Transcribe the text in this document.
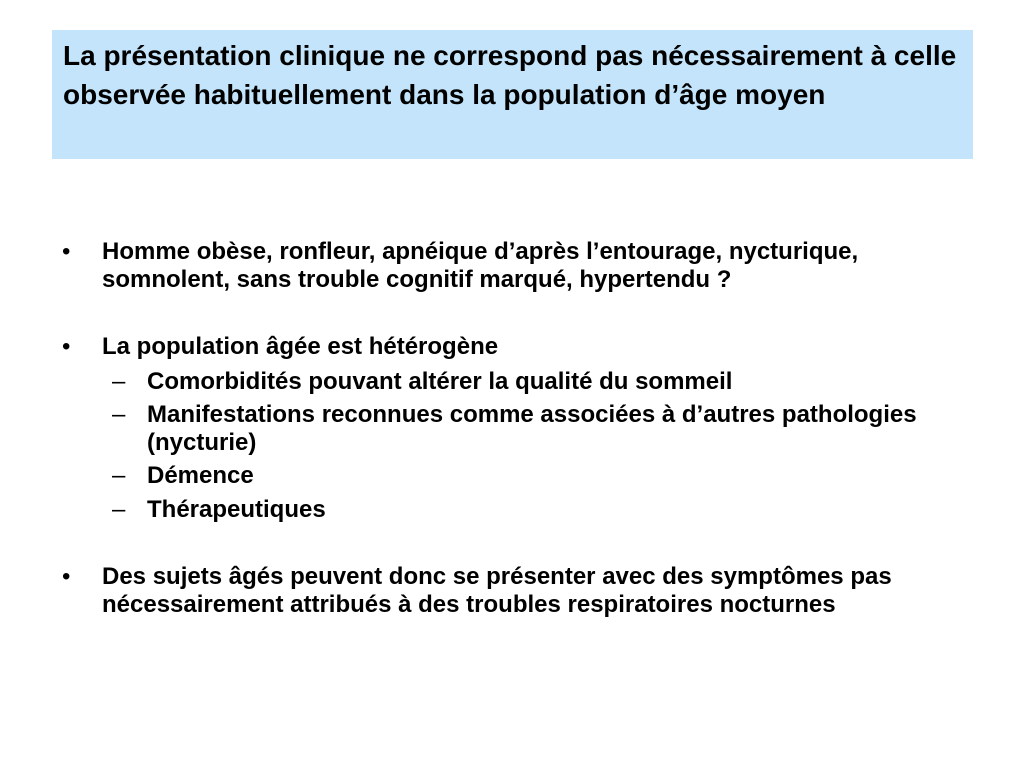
La présentation clinique ne correspond pas nécessairement à celle observée habituellement dans la population d’âge moyen
• Homme obèse, ronfleur, apnéique d’après l’entourage, nycturique, somnolent, sans trouble cognitif marqué, hypertendu ?
• La population âgée est hétérogène
– Comorbidités pouvant altérer la qualité du sommeil
– Manifestations reconnues comme associées à d’autres pathologies (nycturie)
– Démence
– Thérapeutiques
• Des sujets âgés peuvent donc se présenter avec des symptômes pas nécessairement attribués à des troubles respiratoires nocturnes
